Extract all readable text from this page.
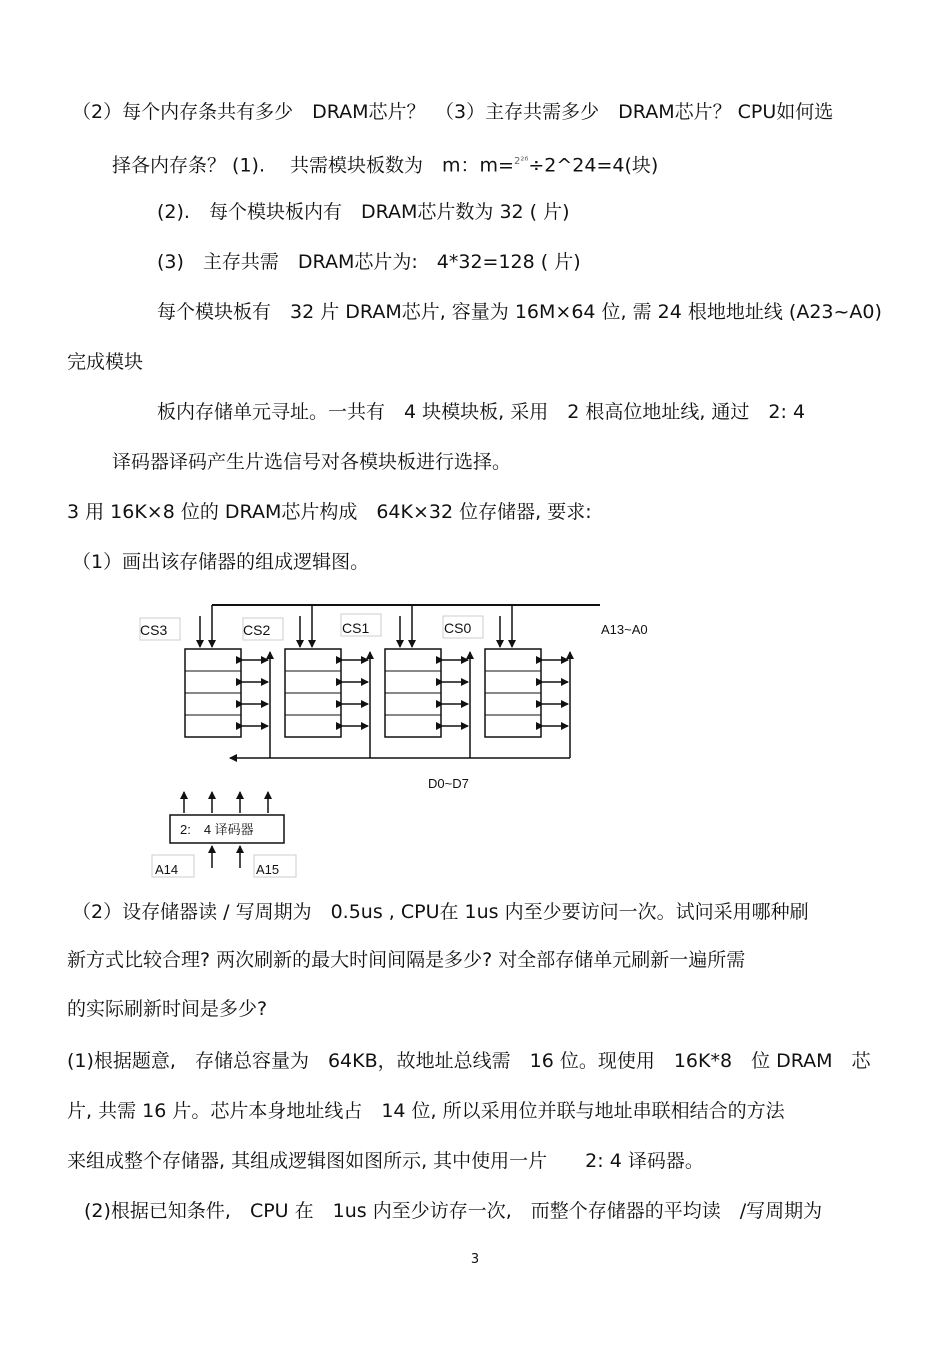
（2）每个内存条共有多少　DRAM芯片？　（3）主存共需多少　DRAM芯片？ CPU如何选
择各内存条？ (1).　 共需模块板数为　m：m=$^{2^{26}}$÷2^24=4(块)
(2).　每个模块板内有　DRAM芯片数为 32 ( 片)
(3)　主存共需　DRAM芯片为:　4*32=128 ( 片)
每个模块板有　32 片 DRAM芯片, 容量为 16M×64 位, 需 24 根地地址线 (A23~A0)
完成模块
板内存储单元寻址。一共有　4 块模块板, 采用　2 根高位地址线, 通过　2: 4
译码器译码产生片选信号对各模块板进行选择。
3 用 16K×8 位的 DRAM芯片构成　64K×32 位存储器, 要求:
（1）画出该存储器的组成逻辑图。
A13~A0
CS3	CS2	CS1	CS0
D0~D7
2:　4 译码器
A14	A15
（2）设存储器读 / 写周期为　0.5us , CPU在 1us 内至少要访问一次。试问采用哪种刷
新方式比较合理? 两次刷新的最大时间间隔是多少? 对全部存储单元刷新一遍所需
的实际刷新时间是多少?
(1)根据题意,　存储总容量为　64KB，故地址总线需　16 位。现使用　16K*8　位 DRAM　芯
片, 共需 16 片。芯片本身地址线占　14 位, 所以采用位并联与地址串联相结合的方法
来组成整个存储器, 其组成逻辑图如图所示, 其中使用一片　　2: 4 译码器。
(2)根据已知条件,　CPU 在　1us 内至少访存一次,　而整个存储器的平均读　/写周期为
3
